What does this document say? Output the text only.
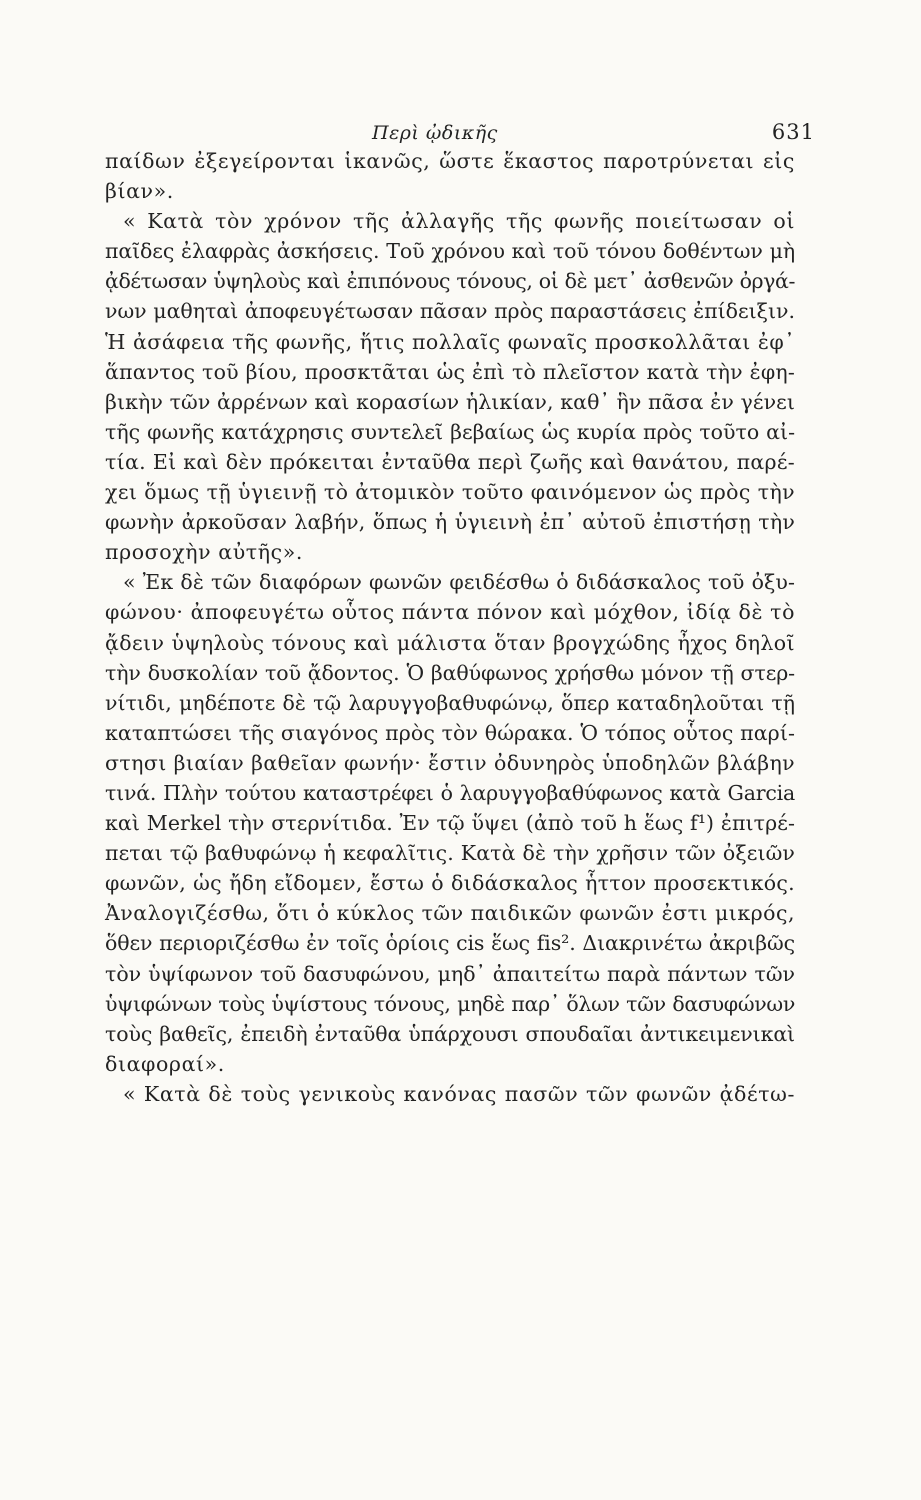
Περὶ ᾠδικῆς	631
παίδων ἐξεγείρονται ἱκανῶς, ὥστε ἕκαστος παροτρύνεται εἰς
βίαν».
« Κατὰ τὸν χρόνον τῆς ἀλλαγῆς τῆς φωνῆς ποιείτωσαν οἱ
παῖδες ἐλαφρὰς ἀσκήσεις. Τοῦ χρόνου καὶ τοῦ τόνου δοθέντων μὴ
ᾀδέτωσαν ὑψηλοὺς καὶ ἐπιπόνους τόνους, οἱ δὲ μετ᾿ ἀσθενῶν ὀργά-
νων μαθηταὶ ἀποφευγέτωσαν πᾶσαν πρὸς παραστάσεις ἐπίδειξιν.
Ἡ ἀσάφεια τῆς φωνῆς, ἥτις πολλαῖς φωναῖς προσκολλᾶται ἐφ᾿
ἅπαντος τοῦ βίου, προσκτᾶται ὡς ἐπὶ τὸ πλεῖστον κατὰ τὴν ἐφη-
βικὴν τῶν ἀρρένων καὶ κορασίων ἡλικίαν, καθ᾿ ἣν πᾶσα ἐν γένει
τῆς φωνῆς κατάχρησις συντελεῖ βεβαίως ὡς κυρία πρὸς τοῦτο αἰ-
τία. Εἰ καὶ δὲν πρόκειται ἐνταῦθα περὶ ζωῆς καὶ θανάτου, παρέ-
χει ὅμως τῇ ὑγιεινῇ τὸ ἀτομικὸν τοῦτο φαινόμενον ὡς πρὸς τὴν
φωνὴν ἀρκοῦσαν λαβήν, ὅπως ἡ ὑγιεινὴ ἐπ᾿ αὐτοῦ ἐπιστήσῃ τὴν
προσοχὴν αὐτῆς».
« Ἐκ δὲ τῶν διαφόρων φωνῶν φειδέσθω ὁ διδάσκαλος τοῦ ὀξυ-
φώνου· ἀποφευγέτω οὗτος πάντα πόνον καὶ μόχθον, ἰδίᾳ δὲ τὸ
ᾄδειν ὑψηλοὺς τόνους καὶ μάλιστα ὅταν βρογχώδης ἦχος δηλοῖ
τὴν δυσκολίαν τοῦ ᾄδοντος. Ὁ βαθύφωνος χρήσθω μόνον τῇ στερ-
νίτιδι, μηδέποτε δὲ τῷ λαρυγγοβαθυφώνῳ, ὅπερ καταδηλοῦται τῇ
καταπτώσει τῆς σιαγόνος πρὸς τὸν θώρακα. Ὁ τόπος οὗτος παρί-
στησι βιαίαν βαθεῖαν φωνήν· ἔστιν ὀδυνηρὸς ὑποδηλῶν βλάβην
τινά. Πλὴν τούτου καταστρέφει ὁ λαρυγγοβαθύφωνος κατὰ Garcia
καὶ Merkel τὴν στερνίτιδα. Ἐν τῷ ὕψει (ἀπὸ τοῦ h ἕως f¹) ἐπιτρέ-
πεται τῷ βαθυφώνῳ ἡ κεφαλῖτις. Κατὰ δὲ τὴν χρῆσιν τῶν ὀξειῶν
φωνῶν, ὡς ἤδη εἴδομεν, ἔστω ὁ διδάσκαλος ἧττον προσεκτικός.
Ἀναλογιζέσθω, ὅτι ὁ κύκλος τῶν παιδικῶν φωνῶν ἐστι μικρός,
ὅθεν περιοριζέσθω ἐν τοῖς ὁρίοις cis ἕως fis². Διακρινέτω ἀκριβῶς
τὸν ὑψίφωνον τοῦ δασυφώνου, μηδ᾿ ἀπαιτείτω παρὰ πάντων τῶν
ὑψιφώνων τοὺς ὑψίστους τόνους, μηδὲ παρ᾿ ὅλων τῶν δασυφώνων
τοὺς βαθεῖς, ἐπειδὴ ἐνταῦθα ὑπάρχουσι σπουδαῖαι ἀντικειμενικαὶ
διαφοραί».
« Κατὰ δὲ τοὺς γενικοὺς κανόνας πασῶν τῶν φωνῶν ᾀδέτω-
